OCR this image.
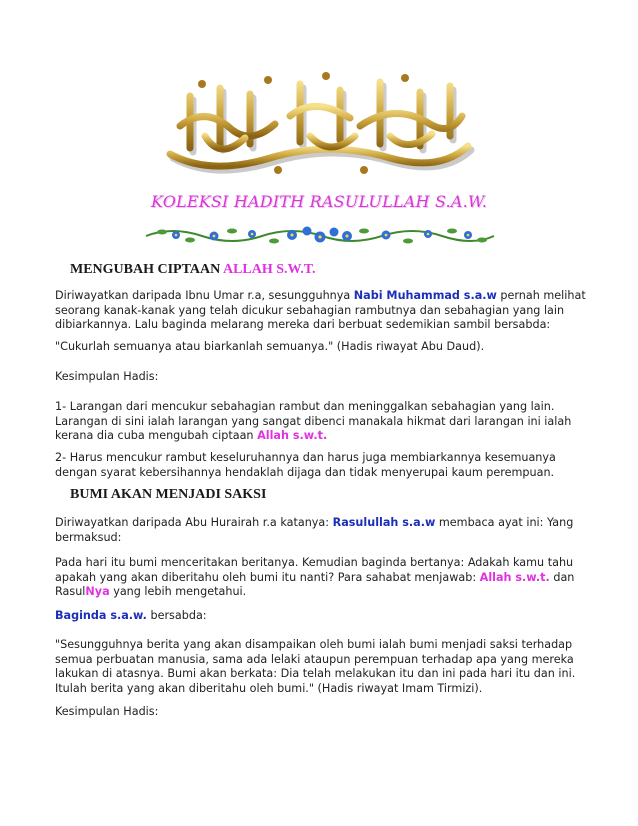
KOLEKSI HADITH RASULULLAH S.A.W.
MENGUBAH CIPTAAN ALLAH S.W.T.
Diriwayatkan daripada Ibnu Umar r.a, sesungguhnya Nabi Muhammad s.a.w pernah melihat seorang kanak-kanak yang telah dicukur sebahagian rambutnya dan sebahagian yang lain dibiarkannya. Lalu baginda melarang mereka dari berbuat sedemikian sambil bersabda:
"Cukurlah semuanya atau biarkanlah semuanya." (Hadis riwayat Abu Daud).
Kesimpulan Hadis:
1- Larangan dari mencukur sebahagian rambut dan meninggalkan sebahagian yang lain. Larangan di sini ialah larangan yang sangat dibenci manakala hikmat dari larangan ini ialah kerana dia cuba mengubah ciptaan Allah s.w.t.
2- Harus mencukur rambut keseluruhannya dan harus juga membiarkannya kesemuanya dengan syarat kebersihannya hendaklah dijaga dan tidak menyerupai kaum perempuan.
BUMI AKAN MENJADI SAKSI
Diriwayatkan daripada Abu Hurairah r.a katanya: Rasulullah s.a.w membaca ayat ini: Yang bermaksud:
Pada hari itu bumi menceritakan beritanya. Kemudian baginda bertanya: Adakah kamu tahu apakah yang akan diberitahu oleh bumi itu nanti? Para sahabat menjawab: Allah s.w.t. dan RasulNya yang lebih mengetahui.
Baginda s.a.w. bersabda:
"Sesungguhnya berita yang akan disampaikan oleh bumi ialah bumi menjadi saksi terhadap semua perbuatan manusia, sama ada lelaki ataupun perempuan terhadap apa yang mereka lakukan di atasnya. Bumi akan berkata: Dia telah melakukan itu dan ini pada hari itu dan ini. Itulah berita yang akan diberitahu oleh bumi." (Hadis riwayat Imam Tirmizi).
Kesimpulan Hadis:
